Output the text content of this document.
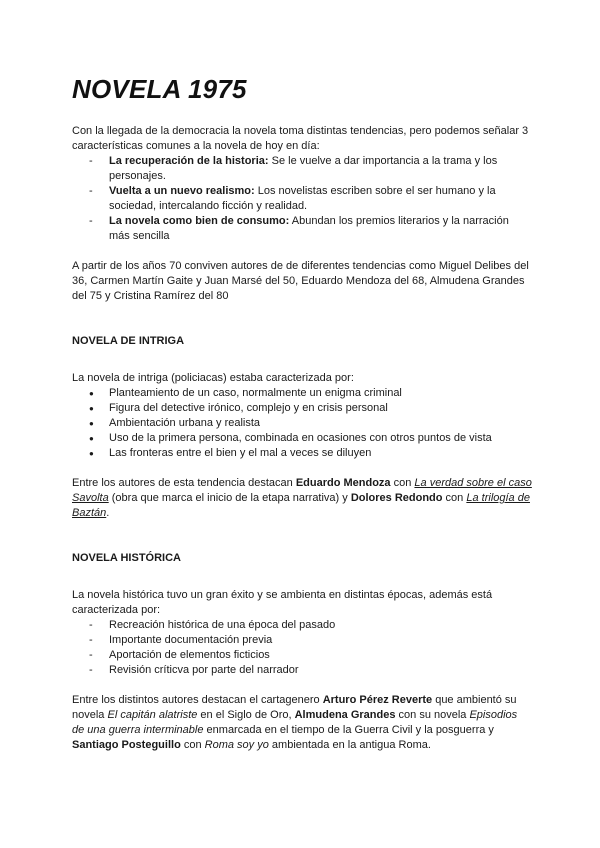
NOVELA 1975

Con la llegada de la democracia la novela toma distintas tendencias, pero podemos señalar 3 características comunes a la novela de hoy en día:

- La recuperación de la historia: Se le vuelve a dar importancia a la trama y los personajes.
- Vuelta a un nuevo realismo: Los novelistas escriben sobre el ser humano y la sociedad, intercalando ficción y realidad.
- La novela como bien de consumo: Abundan los premios literarios y la narración más sencilla

A partir de los años 70 conviven autores de de diferentes tendencias como Miguel Delibes del 36, Carmen Martín Gaite y Juan Marsé del 50, Eduardo Mendoza del 68, Almudena Grandes del 75 y Cristina Ramírez del 80

NOVELA DE INTRIGA

La novela de intriga (policiacas) estaba caracterizada por:

● Planteamiento de un caso, normalmente un enigma criminal
● Figura del detective irónico, complejo y en crisis personal
● Ambientación urbana y realista
● Uso de la primera persona, combinada en ocasiones con otros puntos de vista
● Las fronteras entre el bien y el mal a veces se diluyen

Entre los autores de esta tendencia destacan Eduardo Mendoza con La verdad sobre el caso Savolta (obra que marca el inicio de la etapa narrativa) y Dolores Redondo con La trilogía de Baztán.

NOVELA HISTÓRICA

La novela histórica tuvo un gran éxito y se ambienta en distintas épocas, además está caracterizada por:

- Recreación histórica de una época del pasado
- Importante documentación previa
- Aportación de elementos ficticios
- Revisión críticva por parte del narrador

Entre los distintos autores destacan el cartagenero Arturo Pérez Reverte que ambientó su novela El capitán alatriste en el Siglo de Oro, Almudena Grandes con su novela Episodios de una guerra interminable enmarcada en el tiempo de la Guerra Civil y la posguerra y Santiago Posteguillo con Roma soy yo ambientada en la antigua Roma.
